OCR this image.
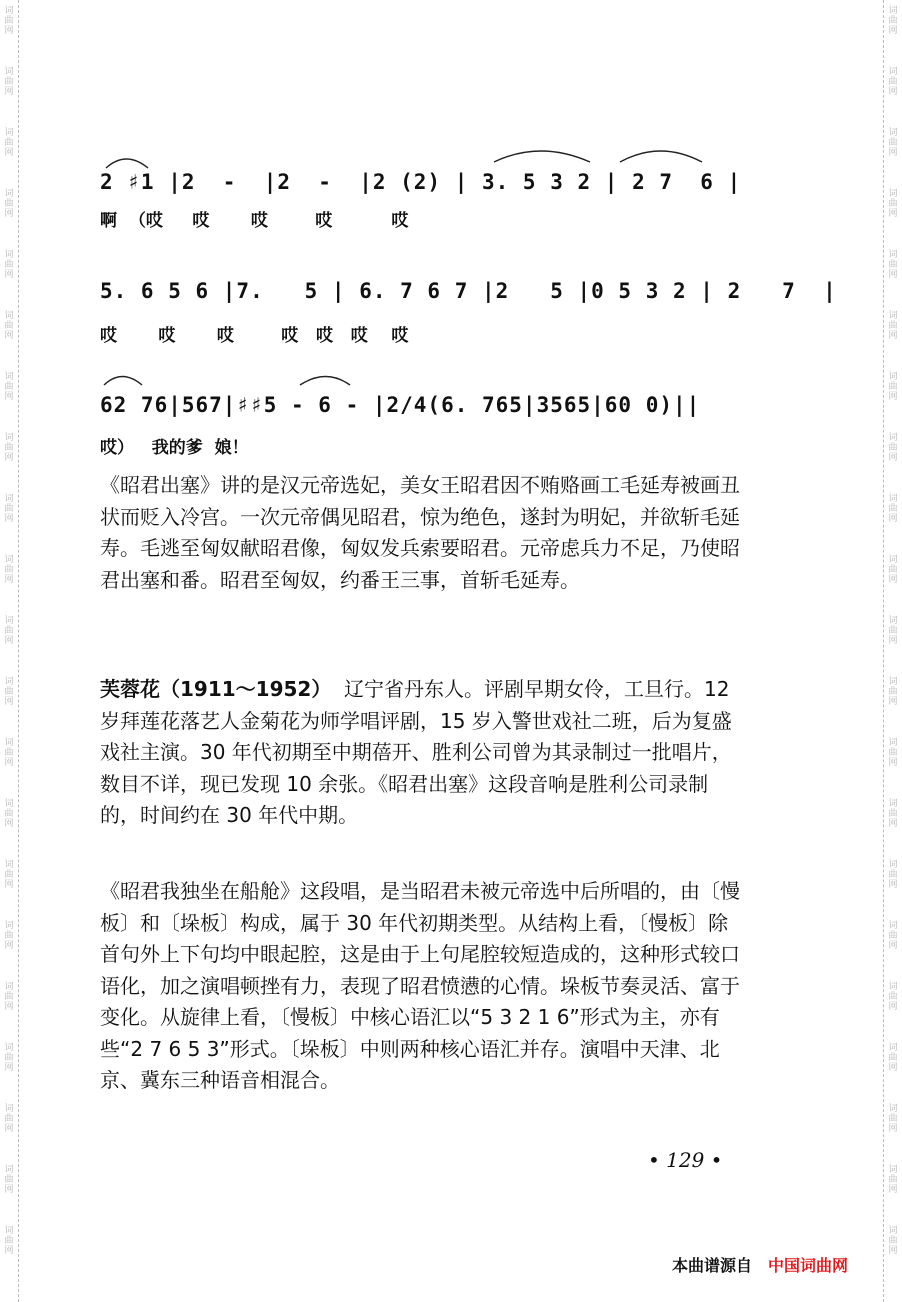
词
曲
网
词
曲
网
词
曲
网
词
曲
网
词
曲
网
词
曲
网
词
曲
网
词
曲
网
词
曲
网
词
曲
网
词
曲
网
词
曲
网
词
曲
网
词
曲
网
词
曲
网
词
曲
网
词
曲
网
词
曲
网
词
曲
网
词
曲
网
词
曲
网
词
曲
网
词
曲
网
词
曲
网
词
曲
网
词
曲
网
词
曲
网
词
曲
网
词
曲
网
词
曲
网
词
曲
网
词
曲
网
词
曲
网
词
曲
网
词
曲
网
词
曲
网
词
曲
网
词
曲
网
词
曲
网
词
曲
网
词
曲
网
词
曲
网
2 ♯1 |2  -  |2  -  |2 (2) | 3. 5 3 2 | 2 7  6 |
啊  （哎     哎       哎        哎          哎
5. 6 5 6 |7.   5 | 6. 7 6 7 |2   5 |0 5 3 2 | 2   7  |
哎       哎       哎        哎   哎   哎    哎
62 76|567|♯♯5 - 6 - |2/4(6. 765|3565|60 0)||
哎）   我的爹  娘！

《昭君出塞》讲的是汉元帝选妃，美女王昭君因不贿赂画工毛延寿被画丑状而贬入冷宫。一次元帝偶见昭君，惊为绝色，遂封为明妃，并欲斩毛延寿。毛逃至匈奴献昭君像，匈奴发兵索要昭君。元帝虑兵力不足，乃使昭君出塞和番。昭君至匈奴，约番王三事，首斩毛延寿。

芙蓉花（1911～1952） 辽宁省丹东人。评剧早期女伶，工旦行。12 岁拜莲花落艺人金菊花为师学唱评剧，15 岁入警世戏社二班，后为复盛戏社主演。30 年代初期至中期蓓开、胜利公司曾为其录制过一批唱片，数目不详，现已发现 10 余张。《昭君出塞》这段音响是胜利公司录制的，时间约在 30 年代中期。

《昭君我独坐在船舱》这段唱，是当昭君未被元帝选中后所唱的，由〔慢板〕和〔垛板〕构成，属于 30 年代初期类型。从结构上看，〔慢板〕除首句外上下句均中眼起腔，这是由于上句尾腔较短造成的，这种形式较口语化，加之演唱顿挫有力，表现了昭君愤懑的心情。垛板节奏灵活、富于变化。从旋律上看，〔慢板〕中核心语汇以“5 3 2 1 6”形式为主，亦有些“2 7 6 5 3”形式。〔垛板〕中则两种核心语汇并存。演唱中天津、北京、冀东三种语音相混合。

• 129 •
本曲谱源自 中国词曲网
